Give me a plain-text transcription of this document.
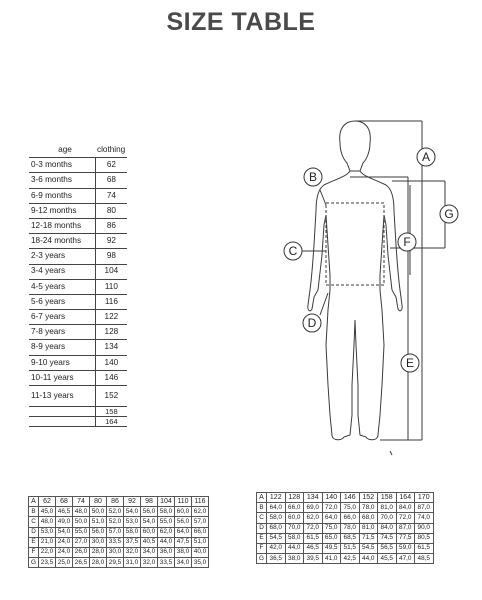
SIZE TABLE
age	clothing
0-3 months	62
3-6 months	68
6-9 months	74
9-12 months	80
12-18 months	86
18-24 months	92
2-3 years	98
3-4 years	104
4-5 years	110
5-6 years	116
6-7 years	122
7-8 years	128
8-9 years	134
9-10 years	140
10-11 years	146
11-13 years	152
	158
	164
A
B
C
D
E
F
G
A	62	68	74	80	86	92	98	104	110	116
B	45,0	46,5	48,0	50,0	52,0	54,0	56,0	58,0	60,0	62,0
C	48,0	49,0	50,0	51,0	52,0	53,0	54,0	55,0	56,0	57,0
D	53,0	54,0	55,0	56,0	57,0	58,0	60,0	62,0	64,0	66,0
E	21,0	24,0	27,0	30,0	33,5	37,5	40,5	44,0	47,5	51,0
F	22,0	24,0	26,0	28,0	30,0	32,0	34,0	36,0	38,0	40,0
G	23,5	25,0	26,5	28,0	29,5	31,0	32,0	33,5	34,0	35,0
A	122	128	134	140	146	152	158	164	170
B	64,0	66,0	69,0	72,0	75,0	78,0	81,0	84,0	87,0
C	58,0	60,0	62,0	64,0	66,0	68,0	70,0	72,0	74,0
D	68,0	70,0	72,0	75,0	78,0	81,0	84,0	87,0	90,0
E	54,5	58,0	61,5	65,0	68,5	71,5	74,5	77,5	80,5
F	42,0	44,0	46,5	49,5	51,5	54,5	56,5	59,0	61,5
G	36,5	38,0	39,5	41,0	42,5	44,0	45,5	47,0	48,5
